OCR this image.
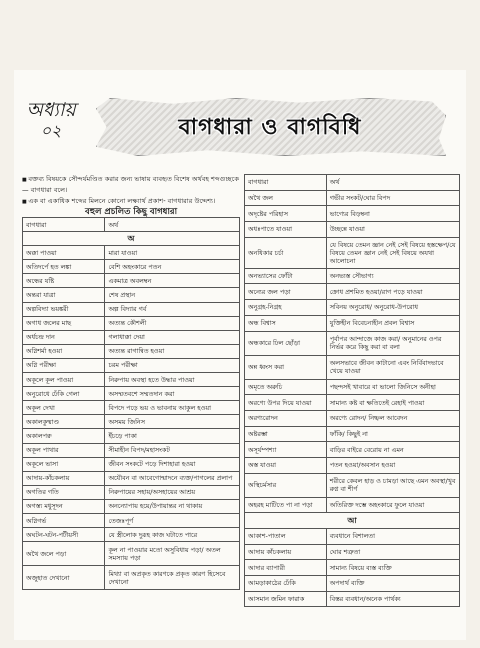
অধ্যায়
০২	বাগধারা ও বাগবিধি

■ বক্তব্য বিষয়কে সৌন্দর্যমণ্ডিত করার জন্য ভাষায় ব্যবহৃত বিশেষ অর্থবহ শব্দগুচ্ছকে— বাগধারা বলে।

■ এক বা একাধিক শব্দের মিলনে কোনো লক্ষ্যার্থ প্রকাশ- বাগধারার উদ্দেশ্য।

বহুল প্রচলিত কিছু বাগধারা
বাগধারা	অর্থ
অ	
অক্কা পাওয়া	মারা যাওয়া
অতিদর্পে হত লঙ্কা	বেশি অহংকারে পতন
অন্ধের যষ্টি	একমাত্র অবলম্বন
অন্তরা যাত্রা	শেষ প্রস্থান
অল্পবিদ্যা ভয়ঙ্করী	অল্প বিদ্যার গর্ব
অগাধ জলের মাছ	অত্যন্ত কৌশলী
অর্ধচন্দ্র দান	গলাধাক্কা দেয়া
অগ্নিশর্মা হওয়া	অত্যন্ত রাগান্বিত হওয়া
অগ্নি পরীক্ষা	চরম পরীক্ষা
অকূলে কূল পাওয়া	নিরুপায় অবস্থা হতে উদ্ধার পাওয়া
অনুরোধে ঢেঁকি গেলা	অসম্মতবশে সম্মতদান করা
অকূল দেখা	বিপদে পড়ে ভয় ও ভাবনায় আকুল হওয়া
অকালকুষ্মাণ্ড	অসময় জিনিস
অকালপক্ব	ইঁচড়ে পাকা
অকূল পাথার	সীমাহীন বিপদ/মহাসংকট
অকূলে ভাসা	জীবন সংকটে পড়ে দিশাহারা হওয়া
আদায়-কাঁচকলায়	অযৌবন বা আবেগোন্মাদনে ব্যক্ত/পাগলের প্রলাপ
অগতির গতি	নিরুপায়ের সহায়/অসহায়ের আশ্রয়
অগস্ত্য মধুসূদন	অনন্যোপায় হয়ে/উপায়ান্তর না থাকায়
অগ্নিগর্ভ	তেজঃপূর্ণ
অঘটন-ঘটন-পটীয়সী	যে স্ত্রীলোক দুরূহ কাজ ঘটাতে পারে
অথৈ জলে পড়া	কূল না পাওয়ার মতো অসুবিধায় পড়া/ অতল সমস্যায় পড়া
অজুহাত দেখানো	মিথ্যা বা অপ্রকৃত কারণকে প্রকৃত কারণ হিসেবে দেখানো
বাগধারা	অর্থ
অথৈ জল	গভীর সংকট/ঘোর বিপদ
অদৃষ্টের পরিহাস	ভাগ্যের বিড়ম্বনা
অধঃপাতে যাওয়া	উচ্ছন্নে যাওয়া
অনধিকার চর্চা	যে বিষয়ে তেমন জ্ঞান নেই সেই বিষয়ে হস্তক্ষেপ/যে বিষয়ে তেমন জ্ঞান নেই সেই বিষয়ে অযথা আলোচনা
অনভ্যাসের ফোঁটা	অনভ্যস্ত সৌভাগ্য
অন্যের জল পড়া	ক্রোধ প্রশমিত হওয়া/রাগ পড়ে যাওয়া
অনুগ্রহ-নিগ্রহ	সবিনয় অনুরোধ/ অনুরোধ-উপরোধ
অন্ধ বিশ্বাস	যুক্তিহীন বিবেচনাহীন প্রবল বিশ্বাস
অন্ধকারে ঢিল ছোঁড়া	পূর্বাপর আন্দাজে কাজ করা/ অনুমানের ওপর নির্ভর করে কিছু করা বা বলা
অন্ন ধ্বংস করা	অলসভাবে জীবন কাটানো এবং নির্বিবাদভাবে খেয়ে যাওয়া
অমৃতে অরুচি	পছন্দসই খাবারে বা ভালো জিনিসে অনীহা
অরণ্যে উপর দিয়ে যাওয়া	সামান্য কষ্ট বা ক্ষতিতেই রেহাই পাওয়া
অরণ্যরোদন	অরণ্যে রোদন/ নিষ্ফল আবেদন
অষ্টরম্ভা	ফাঁকি/ কিছুই না
অসূর্যম্পশ্যা	বাড়ির বাইরে বেরোয় না এমন
অস্ত যাওয়া	পতন হওয়া/অবসান হওয়া
অস্থিচর্মসার	শরীরে কেবল হাড় ও চামড়া আছে এমন অবস্থা/খুব রুগ্ন বা শীর্ণ
অহরহ মাটিতে পা না পড়া	অতিরিক্ত দম্ভে অহংকারে ফুলে যাওয়া
আ	
আকাশ-পাতাল	ব্যবধানে বিশালতা
আদায় কাঁচকলায়	ঘোর শত্রুতা
আদার ব্যাপারী	সামান্য বিষয়ে ব্যস্ত ব্যক্তি
আমড়াকাঠের ঢেঁকি	অপদার্থ ব্যক্তি
আসমান জমিন ফারাক	বিস্তর ব্যবধান/অনেক পার্থক্য
